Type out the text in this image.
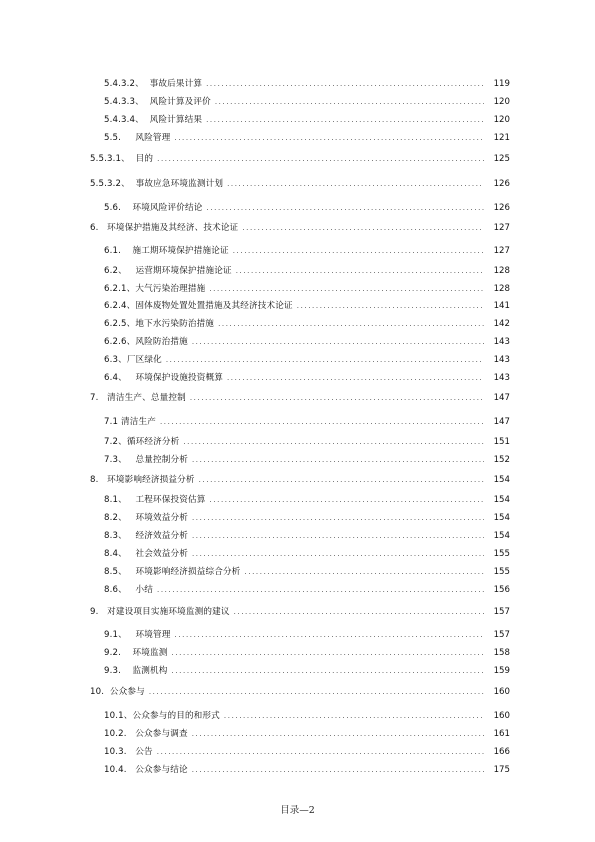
5.4.3.2、  事故后果计算 .....	119
5.4.3.3、  风险计算及评价 .....	120
5.4.3.4、  风险计算结果 .....	120
5.5.     风险管理 .....	121
5.5.3.1、  目的 .....	125
5.5.3.2、  事故应急环境监测计划 .....	126
5.6.    环境风险评价结论 .....	126
6.   环境保护措施及其经济、技术论证 .....	127
6.1.    施工期环境保护措施论证 .....	127
6.2、   运营期环境保护措施论证 .....	128
6.2.1、大气污染治理措施 .....	128
6.2.4、固体废物处置处置措施及其经济技术论证 .....	141
6.2.5、地下水污染防治措施 .....	142
6.2.6、风险防治措施 .....	143
6.3、厂区绿化 .....	143
6.4、   环境保护设施投资概算 .....	143
7.   清洁生产、总量控制 .....	147
7.1 清洁生产 .....	147
7.2、循环经济分析 .....	151
7.3、   总量控制分析 .....	152
8.   环境影响经济损益分析 .....	154
8.1、   工程环保投资估算 .....	154
8.2、   环境效益分析 .....	154
8.3、   经济效益分析 .....	154
8.4、   社会效益分析 .....	155
8.5、   环境影响经济损益综合分析 .....	155
8.6、   小结 .....	156
9.   对建设项目实施环境监测的建议 .....	157
9.1、   环境管理 .....	157
9.2.    环境监测 .....	158
9.3.    监测机构 .....	159
10.  公众参与 .....	160
10.1、公众参与的目的和形式 .....	160
10.2.   公众参与调查 .....	161
10.3.   公告 .....	166
10.4.   公众参与结论 .....	175
目录—2
